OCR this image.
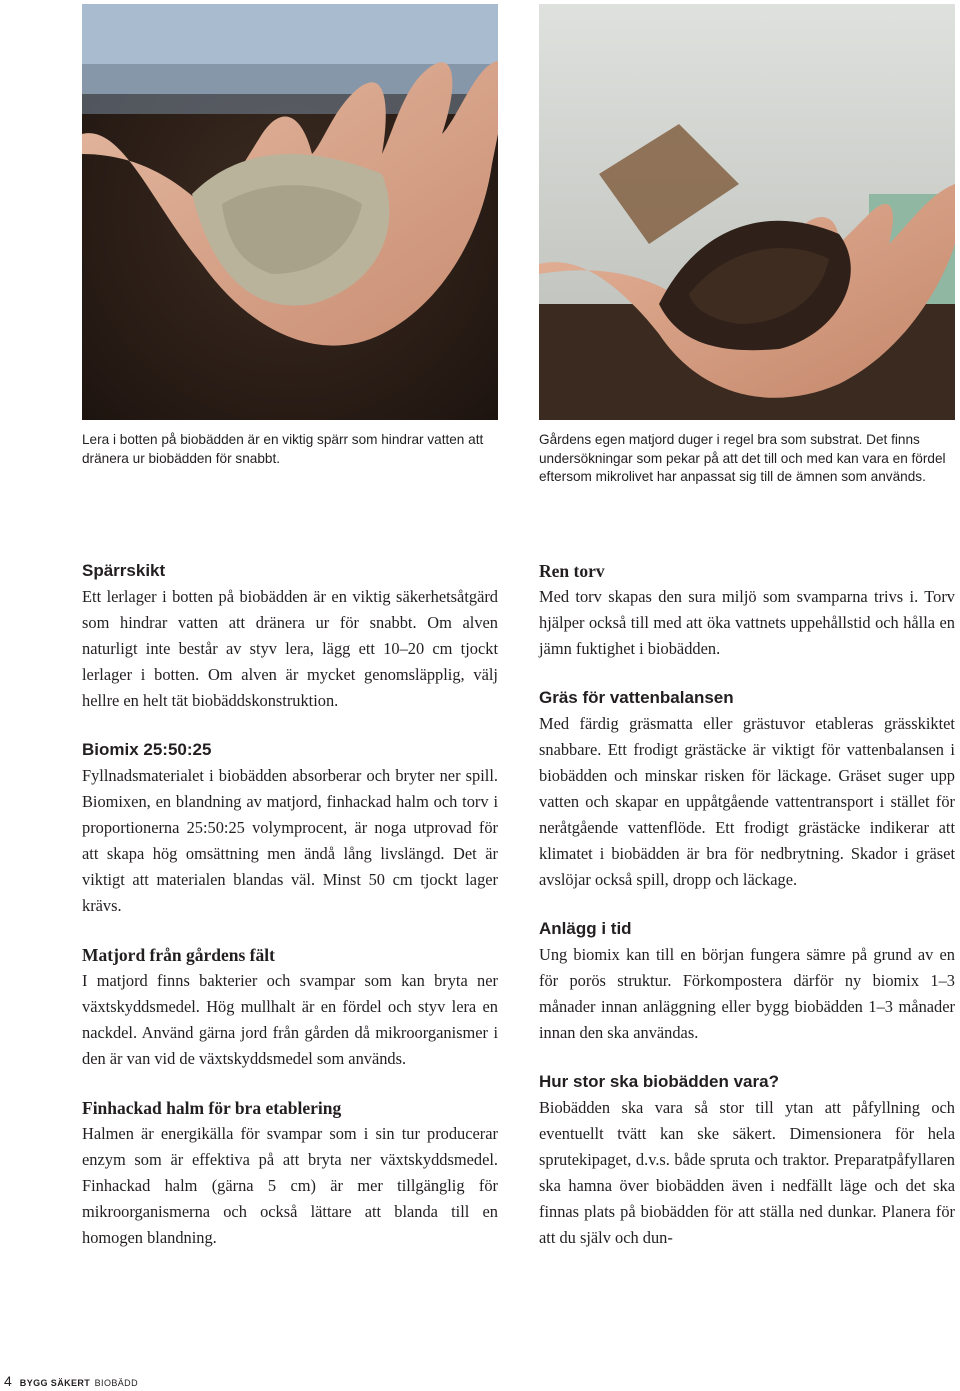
Lera i botten på biobädden är en viktig spärr som hindrar vatten att dränera ur biobädden för snabbt.
Gårdens egen matjord duger i regel bra som substrat. Det finns undersökningar som pekar på att det till och med kan vara en fördel eftersom mikrolivet har anpassat sig till de ämnen som används.
Spärrskikt

Ett lerlager i botten på biobädden är en viktig säkerhetsåtgärd som hindrar vatten att dränera ur för snabbt. Om alven naturligt inte består av styv lera, lägg ett 10–20 cm tjockt lerlager i botten. Om alven är mycket genomsläpplig, välj hellre en helt tät biobäddskonstruktion.

Biomix 25:50:25

Fyllnadsmaterialet i biobädden absorberar och bryter ner spill. Biomixen, en blandning av matjord, finhackad halm och torv i proportionerna 25:50:25 volymprocent, är noga utprovad för att skapa hög omsättning men ändå lång livslängd. Det är viktigt att materialen blandas väl. Minst 50 cm tjockt lager krävs.

Matjord från gårdens fält

I matjord finns bakterier och svampar som kan bryta ner växtskyddsmedel. Hög mullhalt är en fördel och styv lera en nackdel. Använd gärna jord från gården då mikroorganismer i den är van vid de växtskyddsmedel som används.

Finhackad halm för bra etablering

Halmen är energikälla för svampar som i sin tur producerar enzym som är effektiva på att bryta ner växtskyddsmedel. Finhackad halm (gärna 5 cm) är mer tillgänglig för mikroorganismerna och också lättare att blanda till en homogen blandning.

Ren torv

Med torv skapas den sura miljö som svamparna trivs i. Torv hjälper också till med att öka vattnets uppehållstid och hålla en jämn fuktighet i biobädden.

Gräs för vattenbalansen

Med färdig gräsmatta eller grästuvor etableras grässkiktet snabbare. Ett frodigt grästäcke är viktigt för vattenbalansen i biobädden och minskar risken för läckage. Gräset suger upp vatten och skapar en uppåtgående vattentransport i stället för neråtgående vattenflöde. Ett frodigt grästäcke indikerar att klimatet i biobädden är bra för nedbrytning. Skador i gräset avslöjar också spill, dropp och läckage.

Anlägg i tid

Ung biomix kan till en början fungera sämre på grund av en för porös struktur. Förkompostera därför ny biomix 1–3 månader innan anläggning eller bygg biobädden 1–3 månader innan den ska användas.

Hur stor ska biobädden vara?

Biobädden ska vara så stor till ytan att påfyllning och eventuellt tvätt kan ske säkert. Dimensionera för hela sprutekipaget, d.v.s. både spruta och traktor. Preparatpåfyllaren ska hamna över biobädden även i nedfällt läge och det ska finnas plats på biobädden för att ställa ned dunkar. Planera för att du själv och dun-

4 BYGG SÄKERT BIOBÄDD
